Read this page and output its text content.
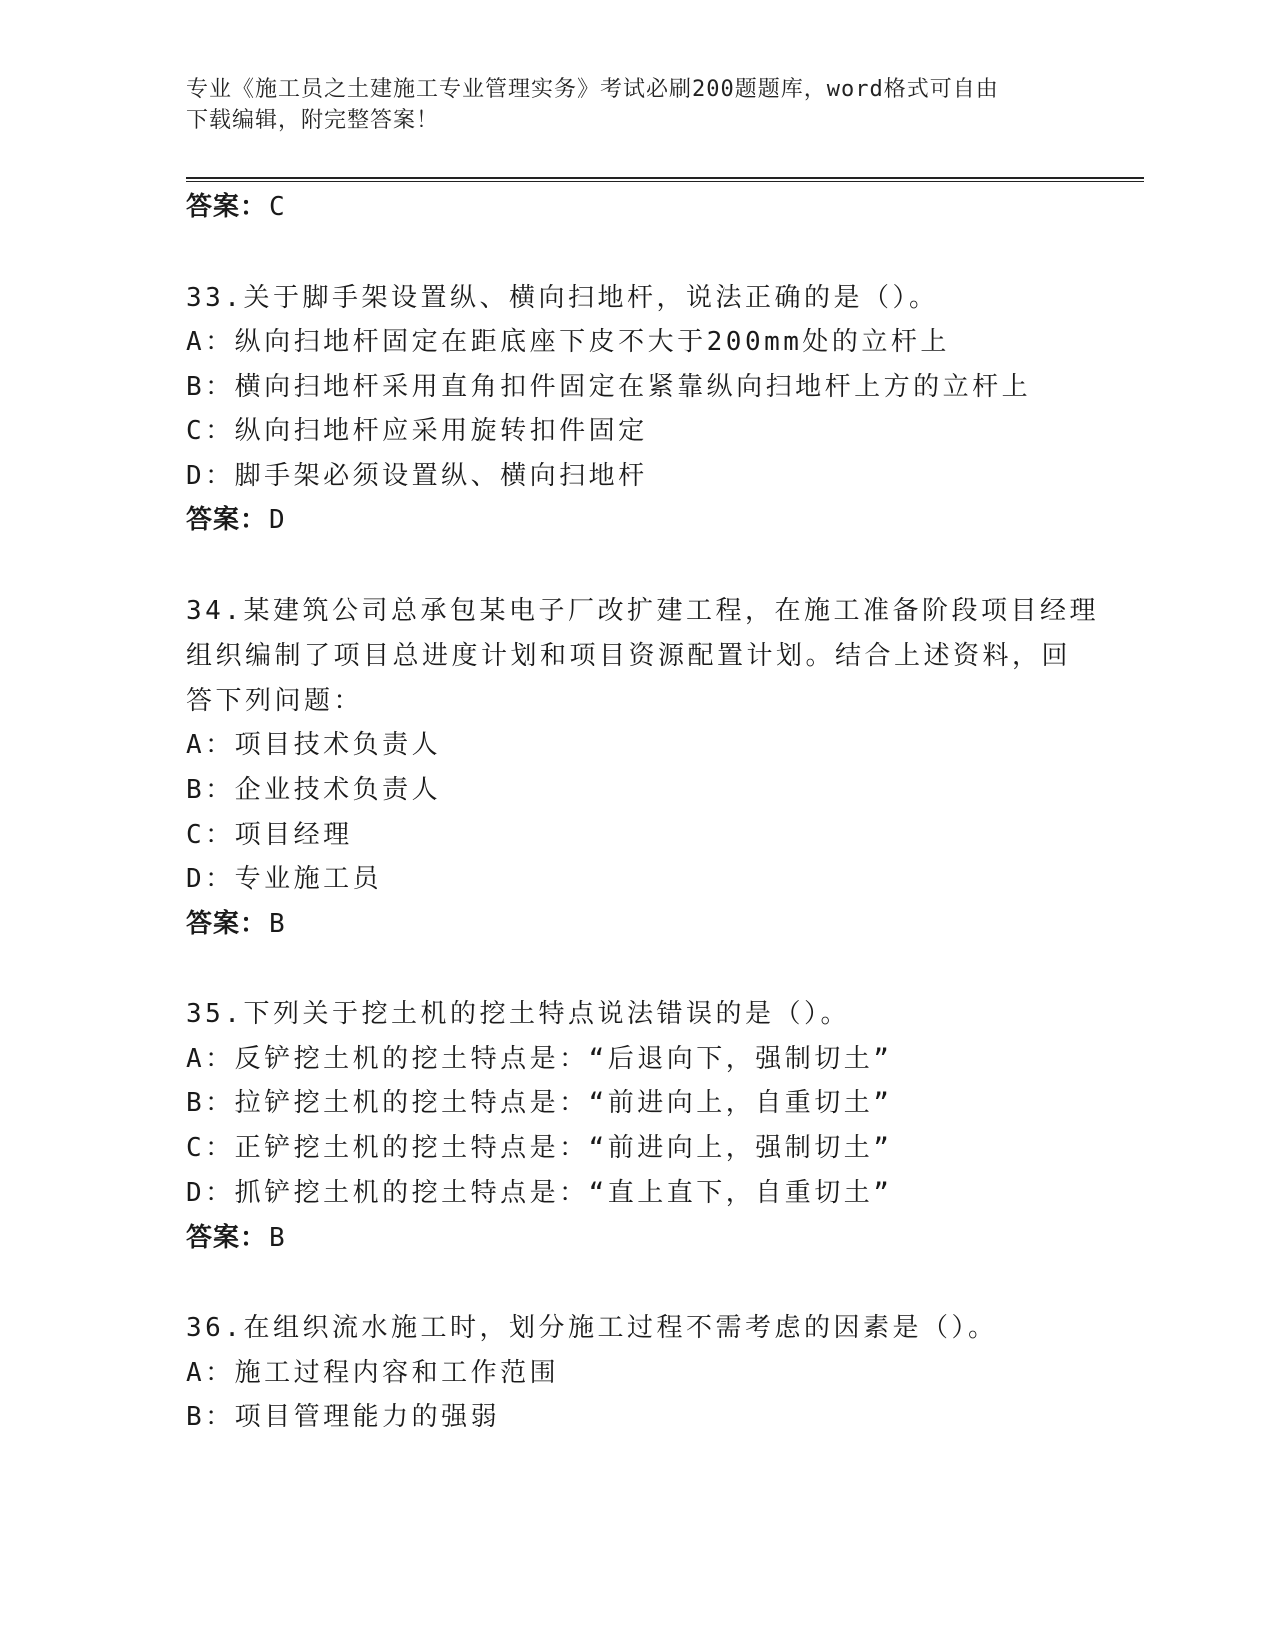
专业《施工员之土建施工专业管理实务》考试必刷200题题库，word格式可自由
下载编辑，附完整答案！
答案：C
33.关于脚手架设置纵、横向扫地杆，说法正确的是（）。
A：纵向扫地杆固定在距底座下皮不大于200mm处的立杆上
B：横向扫地杆采用直角扣件固定在紧靠纵向扫地杆上方的立杆上
C：纵向扫地杆应采用旋转扣件固定
D：脚手架必须设置纵、横向扫地杆
答案：D
34.某建筑公司总承包某电子厂改扩建工程，在施工准备阶段项目经理
组织编制了项目总进度计划和项目资源配置计划。结合上述资料，回
答下列问题：
A：项目技术负责人
B：企业技术负责人
C：项目经理
D：专业施工员
答案：B
35.下列关于挖土机的挖土特点说法错误的是（）。
A：反铲挖土机的挖土特点是：“后退向下，强制切土”
B：拉铲挖土机的挖土特点是：“前进向上，自重切土”
C：正铲挖土机的挖土特点是：“前进向上，强制切土”
D：抓铲挖土机的挖土特点是：“直上直下，自重切土”
答案：B
36.在组织流水施工时，划分施工过程不需考虑的因素是（）。
A：施工过程内容和工作范围
B：项目管理能力的强弱
